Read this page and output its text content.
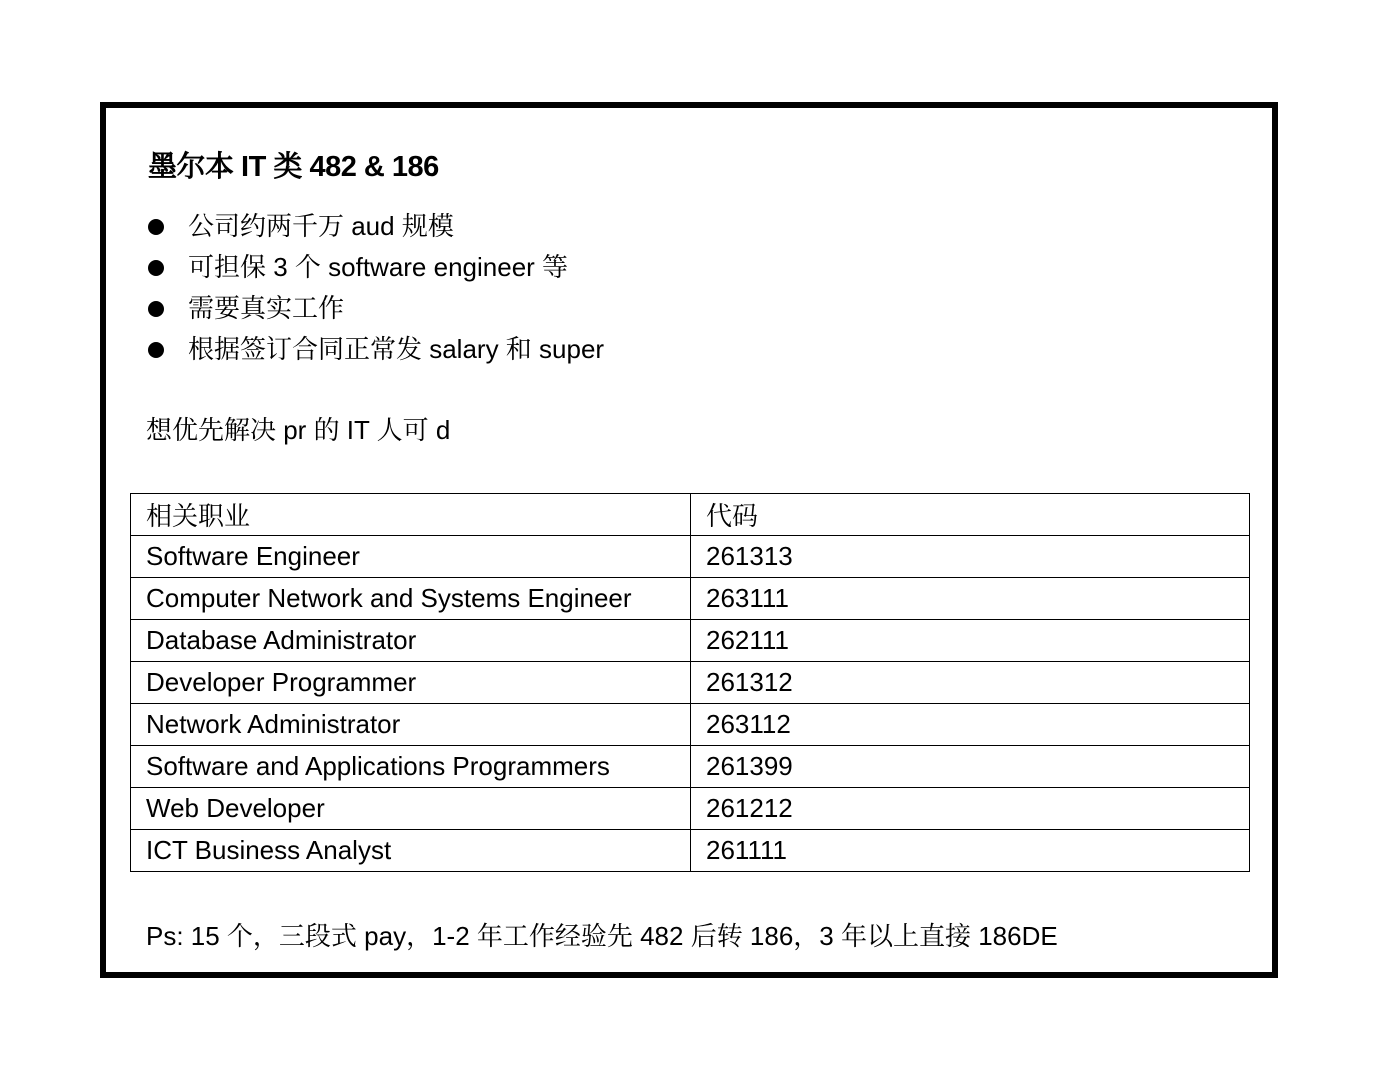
墨尔本 IT 类 482 & 186
公司约两千万 aud 规模
可担保 3 个 software engineer 等
需要真实工作
根据签订合同正常发 salary 和 super
想优先解决 pr 的 IT 人可 d
相关职业	代码
Software Engineer	261313
Computer Network and Systems Engineer	263111
Database Administrator	262111
Developer Programmer	261312
Network Administrator	263112
Software and Applications Programmers	261399
Web Developer	261212
ICT Business Analyst	261111
Ps: 15 个，三段式 pay，1-2 年工作经验先 482 后转 186，3 年以上直接 186DE
